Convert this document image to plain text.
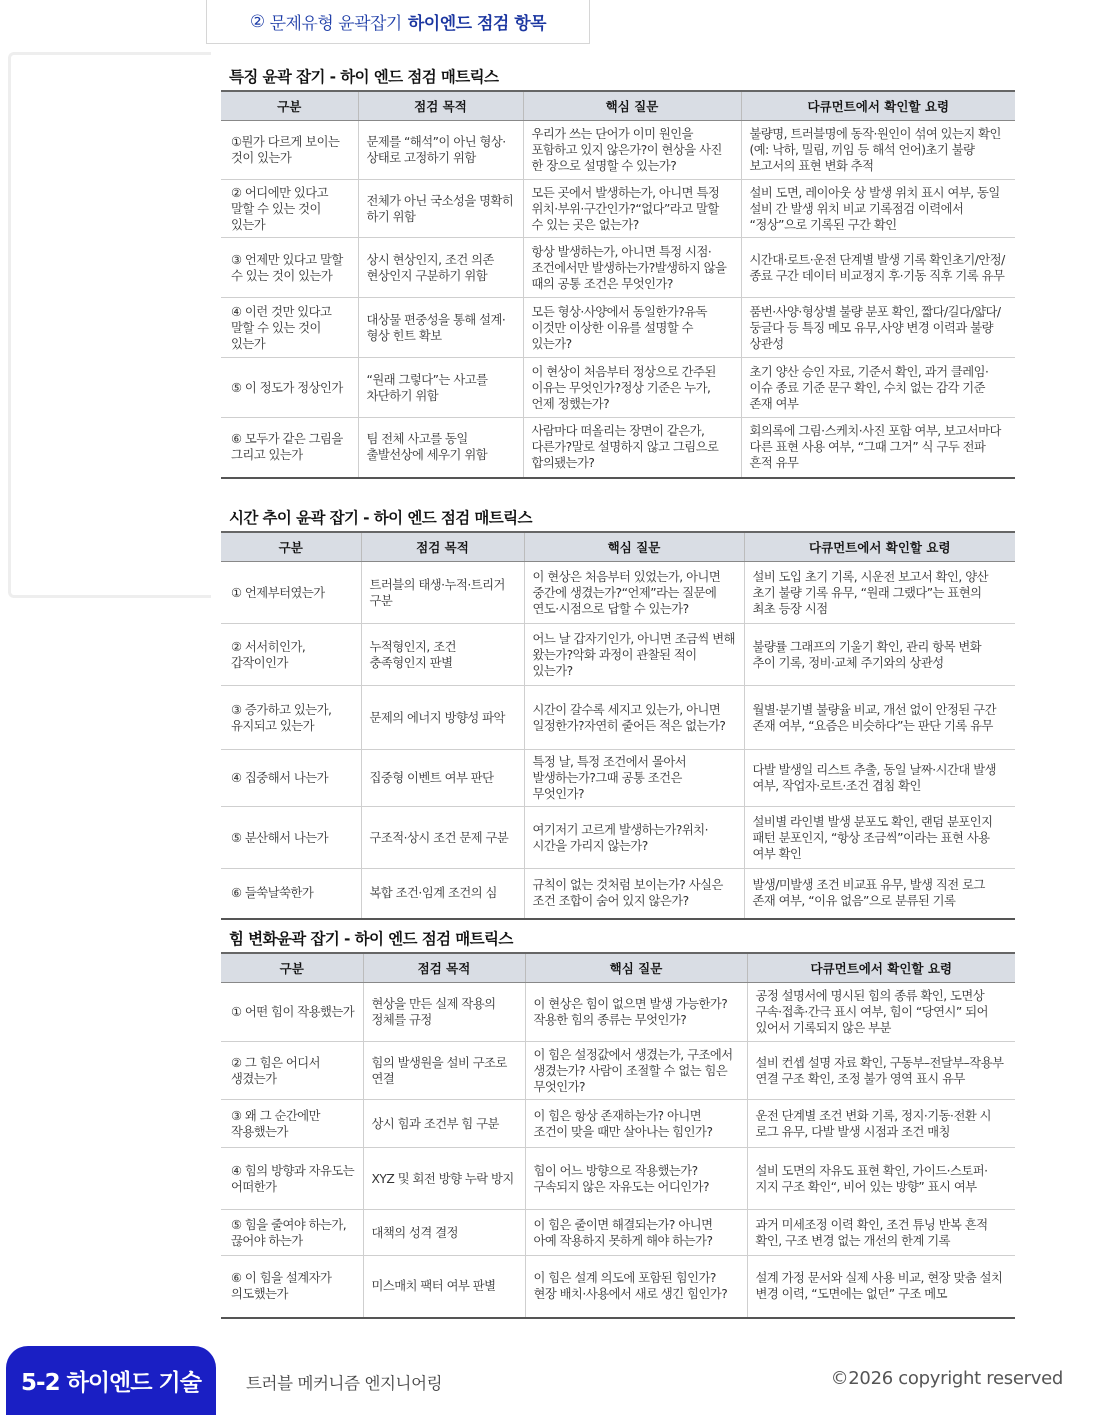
②
문제유형 윤곽잡기 하이엔드 점검 항목
특징 윤곽 잡기 - 하이 엔드 점검 매트릭스
구분	점검 목적	핵심 질문	다큐먼트에서 확인할 요령
①뭔가 다르게 보이는 것이 있는가	문제를 “해석”이 아닌 형상·상태로 고정하기 위함	우리가 쓰는 단어가 이미 원인을 포함하고 있지 않은가?이 현상을 사진 한 장으로 설명할 수 있는가?	불량명, 트러블명에 동작·원인이 섞여 있는지 확인(예: 낙하, 밀림, 끼임 등 해석 언어)초기 불량 보고서의 표현 변화 추적
② 어디에만 있다고 말할 수 있는 것이 있는가	전체가 아닌 국소성을 명확히 하기 위함	모든 곳에서 발생하는가, 아니면 특정 위치·부위·구간인가?“없다”라고 말할 수 있는 곳은 없는가?	설비 도면, 레이아웃 상 발생 위치 표시 여부, 동일 설비 간 발생 위치 비교 기록점검 이력에서 “정상”으로 기록된 구간 확인
③ 언제만 있다고 말할 수 있는 것이 있는가	상시 현상인지, 조건 의존 현상인지 구분하기 위함	항상 발생하는가, 아니면 특정 시점·조건에서만 발생하는가?발생하지 않을 때의 공통 조건은 무엇인가?	시간대·로트·운전 단계별 발생 기록 확인초기/안정/종료 구간 데이터 비교정지 후·기동 직후 기록 유무
④ 이런 것만 있다고 말할 수 있는 것이 있는가	대상물 편중성을 통해 설계·형상 힌트 확보	모든 형상·사양에서 동일한가?유독 이것만 이상한 이유를 설명할 수 있는가?	품번·사양·형상별 불량 분포 확인, 짧다/길다/얇다/둥글다 등 특징 메모 유무,사양 변경 이력과 불량 상관성
⑤ 이 정도가 정상인가	“원래 그렇다”는 사고를 차단하기 위함	이 현상이 처음부터 정상으로 간주된 이유는 무엇인가?정상 기준은 누가, 언제 정했는가?	초기 양산 승인 자료, 기준서 확인, 과거 클레임·이슈 종료 기준 문구 확인, 수치 없는 감각 기준 존재 여부
⑥ 모두가 같은 그림을 그리고 있는가	팀 전체 사고를 동일 출발선상에 세우기 위함	사람마다 떠올리는 장면이 같은가, 다른가?말로 설명하지 않고 그림으로 합의됐는가?	회의록에 그림·스케치·사진 포함 여부, 보고서마다 다른 표현 사용 여부, “그때 그거” 식 구두 전파 흔적 유무
시간 추이 윤곽 잡기 - 하이 엔드 점검 매트릭스
구분	점검 목적	핵심 질문	다큐먼트에서 확인할 요령
① 언제부터였는가	트러블의 태생·누적·트리거 구분	이 현상은 처음부터 있었는가, 아니면 중간에 생겼는가?“언제”라는 질문에 연도·시점으로 답할 수 있는가?	설비 도입 초기 기록, 시운전 보고서 확인, 양산 초기 불량 기록 유무, “원래 그랬다”는 표현의 최초 등장 시점
② 서서히인가, 갑작이인가	누적형인지, 조건 충족형인지 판별	어느 날 갑자기인가, 아니면 조금씩 변해 왔는가?악화 과정이 관찰된 적이 있는가?	불량률 그래프의 기울기 확인, 관리 항목 변화 추이 기록, 정비·교체 주기와의 상관성
③ 증가하고 있는가, 유지되고 있는가	문제의 에너지 방향성 파악	시간이 갈수록 세지고 있는가, 아니면 일정한가?자연히 줄어든 적은 없는가?	월별·분기별 불량율 비교, 개선 없이 안정된 구간 존재 여부, “요즘은 비슷하다”는 판단 기록 유무
④ 집중해서 나는가	집중형 이벤트 여부 판단	특정 날, 특정 조건에서 몰아서 발생하는가?그때 공통 조건은 무엇인가?	다발 발생일 리스트 추출, 동일 날짜·시간대 발생 여부, 작업자·로트·조건 겹침 확인
⑤ 분산해서 나는가	구조적·상시 조건 문제 구분	여기저기 고르게 발생하는가?위치·시간을 가리지 않는가?	설비별 라인별 발생 분포도 확인, 랜덤 분포인지 패턴 분포인지, “항상 조금씩”이라는 표현 사용 여부 확인
⑥ 들쑥날쑥한가	복합 조건·임계 조건의 심	규칙이 없는 것처럼 보이는가? 사실은 조건 조합이 숨어 있지 않은가?	발생/미발생 조건 비교표 유무, 발생 직전 로그 존재 여부, “이유 없음”으로 분류된 기록
힘 변화윤곽 잡기 - 하이 엔드 점검 매트릭스
구분	점검 목적	핵심 질문	다큐먼트에서 확인할 요령
① 어떤 힘이 작용했는가	현상을 만든 실제 작용의 정체를 규정	이 현상은 힘이 없으면 발생 가능한가?작용한 힘의 종류는 무엇인가?	공정 설명서에 명시된 힘의 종류 확인, 도면상 구속·접촉·간극 표시 여부, 힘이 “당연시” 되어 있어서 기록되지 않은 부분
② 그 힘은 어디서 생겼는가	힘의 발생원을 설비 구조로 연결	이 힘은 설정값에서 생겼는가, 구조에서 생겼는가? 사람이 조절할 수 없는 힘은 무엇인가?	설비 컨셉 설명 자료 확인, 구동부–전달부–작용부 연결 구조 확인, 조정 불가 영역 표시 유무
③ 왜 그 순간에만 작용했는가	상시 힘과 조건부 힘 구분	이 힘은 항상 존재하는가? 아니면 조건이 맞을 때만 살아나는 힘인가?	운전 단계별 조건 변화 기록, 정지·기동·전환 시 로그 유무, 다발 발생 시점과 조건 매칭
④ 힘의 방향과 자유도는 어떠한가	XYZ 및 회전 방향 누락 방지	힘이 어느 방향으로 작용했는가?구속되지 않은 자유도는 어디인가?	설비 도면의 자유도 표현 확인, 가이드·스토퍼·지지 구조 확인“, 비어 있는 방향” 표시 여부
⑤ 힘을 줄여야 하는가, 끊어야 하는가	대책의 성격 결정	이 힘은 줄이면 해결되는가? 아니면 아예 작용하지 못하게 해야 하는가?	과거 미세조정 이력 확인, 조건 튜닝 반복 흔적 확인, 구조 변경 없는 개선의 한계 기록
⑥ 이 힘을 설계자가 의도했는가	미스매치 팩터 여부 판별	이 힘은 설계 의도에 포함된 힘인가? 현장 배치·사용에서 새로 생긴 힘인가?	설계 가정 문서와 실제 사용 비교, 현장 맞춤 설치 변경 이력, “도면에는 없던” 구조 메모
5-2 하이엔드 기술	트러블 메커니즘 엔지니어링	©2026 copyright reserved
